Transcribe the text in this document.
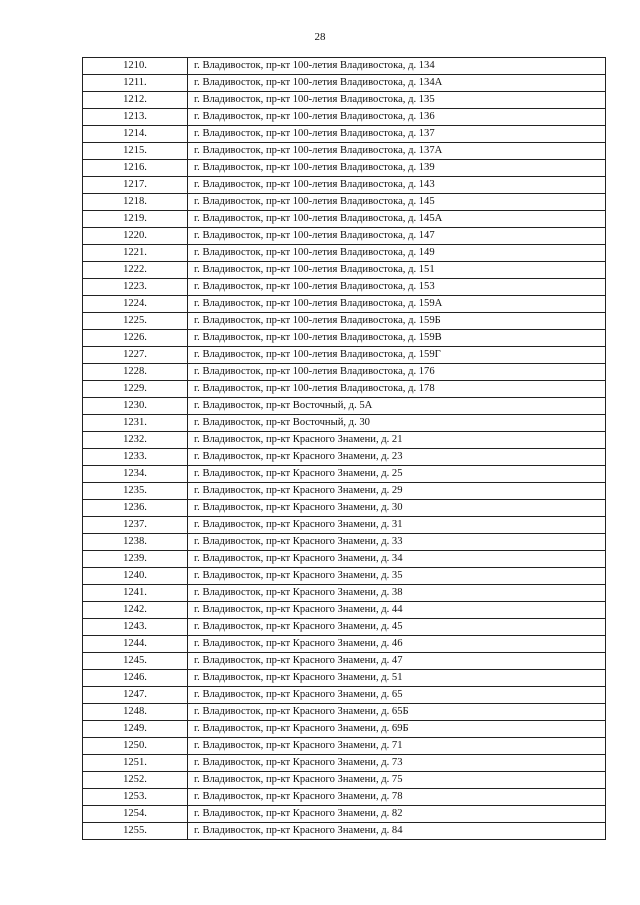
28
1210.	г. Владивосток, пр-кт 100-летия Владивостока, д. 134
1211.	г. Владивосток, пр-кт 100-летия Владивостока, д. 134А
1212.	г. Владивосток, пр-кт 100-летия Владивостока, д. 135
1213.	г. Владивосток, пр-кт 100-летия Владивостока, д. 136
1214.	г. Владивосток, пр-кт 100-летия Владивостока, д. 137
1215.	г. Владивосток, пр-кт 100-летия Владивостока, д. 137А
1216.	г. Владивосток, пр-кт 100-летия Владивостока, д. 139
1217.	г. Владивосток, пр-кт 100-летия Владивостока, д. 143
1218.	г. Владивосток, пр-кт 100-летия Владивостока, д. 145
1219.	г. Владивосток, пр-кт 100-летия Владивостока, д. 145А
1220.	г. Владивосток, пр-кт 100-летия Владивостока, д. 147
1221.	г. Владивосток, пр-кт 100-летия Владивостока, д. 149
1222.	г. Владивосток, пр-кт 100-летия Владивостока, д. 151
1223.	г. Владивосток, пр-кт 100-летия Владивостока, д. 153
1224.	г. Владивосток, пр-кт 100-летия Владивостока, д. 159А
1225.	г. Владивосток, пр-кт 100-летия Владивостока, д. 159Б
1226.	г. Владивосток, пр-кт 100-летия Владивостока, д. 159В
1227.	г. Владивосток, пр-кт 100-летия Владивостока, д. 159Г
1228.	г. Владивосток, пр-кт 100-летия Владивостока, д. 176
1229.	г. Владивосток, пр-кт 100-летия Владивостока, д. 178
1230.	г. Владивосток, пр-кт Восточный, д. 5А
1231.	г. Владивосток, пр-кт Восточный, д. 30
1232.	г. Владивосток, пр-кт Красного Знамени, д. 21
1233.	г. Владивосток, пр-кт Красного Знамени, д. 23
1234.	г. Владивосток, пр-кт Красного Знамени, д. 25
1235.	г. Владивосток, пр-кт Красного Знамени, д. 29
1236.	г. Владивосток, пр-кт Красного Знамени, д. 30
1237.	г. Владивосток, пр-кт Красного Знамени, д. 31
1238.	г. Владивосток, пр-кт Красного Знамени, д. 33
1239.	г. Владивосток, пр-кт Красного Знамени, д. 34
1240.	г. Владивосток, пр-кт Красного Знамени, д. 35
1241.	г. Владивосток, пр-кт Красного Знамени, д. 38
1242.	г. Владивосток, пр-кт Красного Знамени, д. 44
1243.	г. Владивосток, пр-кт Красного Знамени, д. 45
1244.	г. Владивосток, пр-кт Красного Знамени, д. 46
1245.	г. Владивосток, пр-кт Красного Знамени, д. 47
1246.	г. Владивосток, пр-кт Красного Знамени, д. 51
1247.	г. Владивосток, пр-кт Красного Знамени, д. 65
1248.	г. Владивосток, пр-кт Красного Знамени, д. 65Б
1249.	г. Владивосток, пр-кт Красного Знамени, д. 69Б
1250.	г. Владивосток, пр-кт Красного Знамени, д. 71
1251.	г. Владивосток, пр-кт Красного Знамени, д. 73
1252.	г. Владивосток, пр-кт Красного Знамени, д. 75
1253.	г. Владивосток, пр-кт Красного Знамени, д. 78
1254.	г. Владивосток, пр-кт Красного Знамени, д. 82
1255.	г. Владивосток, пр-кт Красного Знамени, д. 84
